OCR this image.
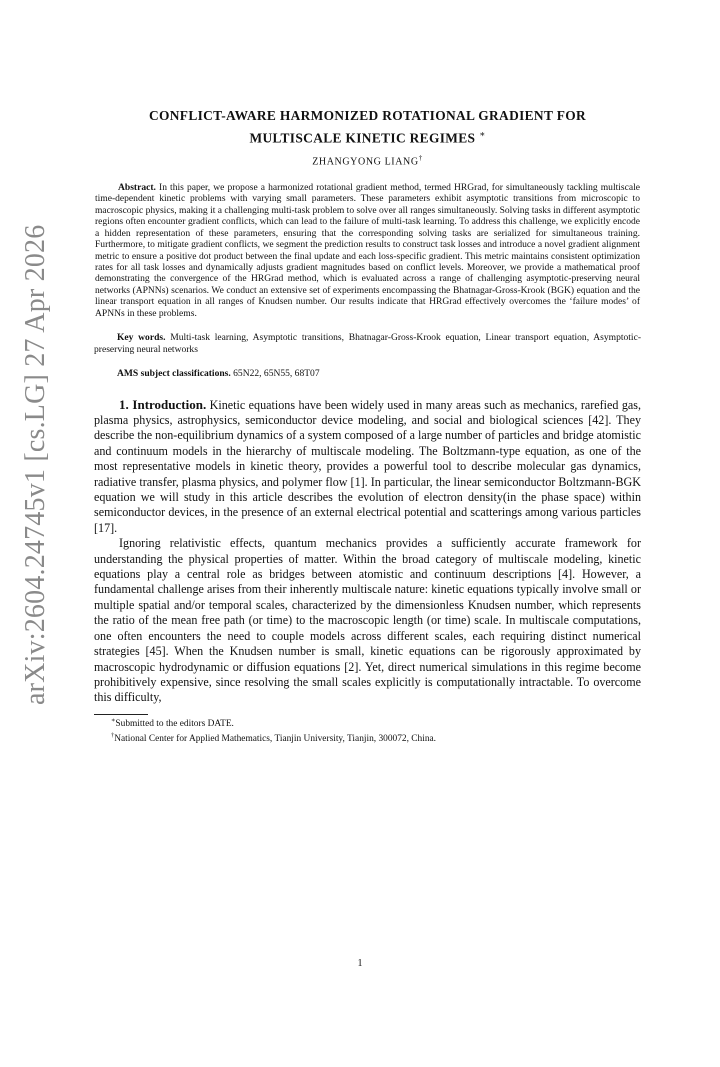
arXiv:2604.24745v1 [cs.LG] 27 Apr 2026
CONFLICT-AWARE HARMONIZED ROTATIONAL GRADIENT FOR
MULTISCALE KINETIC REGIMES ∗
ZHANGYONG LIANG†
Abstract. In this paper, we propose a harmonized rotational gradient method, termed HRGrad, for simultaneously tackling multiscale time-dependent kinetic problems with varying small parameters. These parameters exhibit asymptotic transitions from microscopic to macroscopic physics, making it a challenging multi-task problem to solve over all ranges simultaneously. Solving tasks in different asymptotic regions often encounter gradient conflicts, which can lead to the failure of multi-task learning. To address this challenge, we explicitly encode a hidden representation of these parameters, ensuring that the corresponding solving tasks are serialized for simultaneous training. Furthermore, to mitigate gradient conflicts, we segment the prediction results to construct task losses and introduce a novel gradient alignment metric to ensure a positive dot product between the final update and each loss-specific gradient. This metric maintains consistent optimization rates for all task losses and dynamically adjusts gradient magnitudes based on conflict levels. Moreover, we provide a mathematical proof demonstrating the convergence of the HRGrad method, which is evaluated across a range of challenging asymptotic-preserving neural networks (APNNs) scenarios. We conduct an extensive set of experiments encompassing the Bhatnagar-Gross-Krook (BGK) equation and the linear transport equation in all ranges of Knudsen number. Our results indicate that HRGrad effectively overcomes the ‘failure modes’ of APNNs in these problems.
Key words. Multi-task learning, Asymptotic transitions, Bhatnagar-Gross-Krook equation, Linear transport equation, Asymptotic-preserving neural networks
AMS subject classifications. 65N22, 65N55, 68T07

1. Introduction. Kinetic equations have been widely used in many areas such as mechanics, rarefied gas, plasma physics, astrophysics, semiconductor device modeling, and social and biological sciences [42]. They describe the non-equilibrium dynamics of a system composed of a large number of particles and bridge atomistic and continuum models in the hierarchy of multiscale modeling. The Boltzmann-type equation, as one of the most representative models in kinetic theory, provides a powerful tool to describe molecular gas dynamics, radiative transfer, plasma physics, and polymer flow [1]. In particular, the linear semiconductor Boltzmann-BGK equation we will study in this article describes the evolution of electron density(in the phase space) within semiconductor devices, in the presence of an external electrical potential and scatterings among various particles [17].

Ignoring relativistic effects, quantum mechanics provides a sufficiently accurate framework for understanding the physical properties of matter. Within the broad category of multiscale modeling, kinetic equations play a central role as bridges between atomistic and continuum descriptions [4]. However, a fundamental challenge arises from their inherently multiscale nature: kinetic equations typically involve small or multiple spatial and/or temporal scales, characterized by the dimensionless Knudsen number, which represents the ratio of the mean free path (or time) to the macroscopic length (or time) scale. In multiscale computations, one often encounters the need to couple models across different scales, each requiring distinct numerical strategies [45]. When the Knudsen number is small, kinetic equations can be rigorously approximated by macroscopic hydrodynamic or diffusion equations [2]. Yet, direct numerical simulations in this regime become prohibitively expensive, since resolving the small scales explicitly is computationally intractable. To overcome this difficulty,

∗Submitted to the editors DATE.
†National Center for Applied Mathematics, Tianjin University, Tianjin, 300072, China.
1
